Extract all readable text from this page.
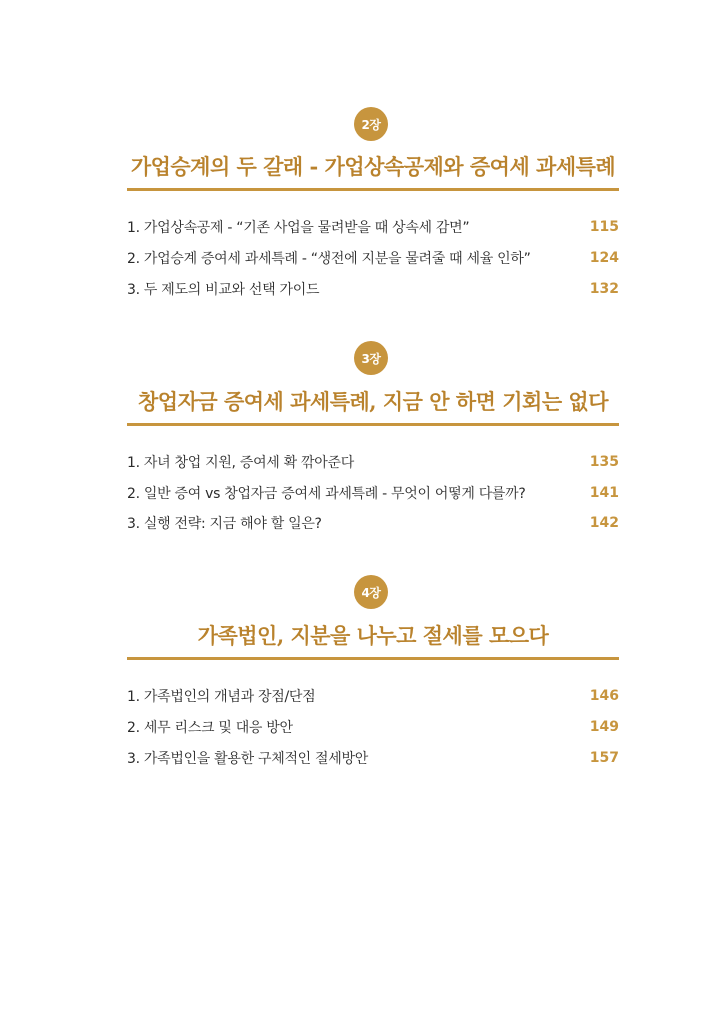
2장
가업승계의 두 갈래 - 가업상속공제와 증여세 과세특례
1. 가업상속공제 - “기존 사업을 물려받을 때 상속세 감면”	115
2. 가업승계 증여세 과세특례 - “생전에 지분을 물려줄 때 세율 인하”	124
3. 두 제도의 비교와 선택 가이드	132
3장
창업자금 증여세 과세특례, 지금 안 하면 기회는 없다
1. 자녀 창업 지원, 증여세 확 깎아준다	135
2. 일반 증여 vs 창업자금 증여세 과세특례 - 무엇이 어떻게 다를까?	141
3. 실행 전략: 지금 해야 할 일은?	142
4장
가족법인, 지분을 나누고 절세를 모으다
1. 가족법인의 개념과 장점/단점	146
2. 세무 리스크 및 대응 방안	149
3. 가족법인을 활용한 구체적인 절세방안	157
